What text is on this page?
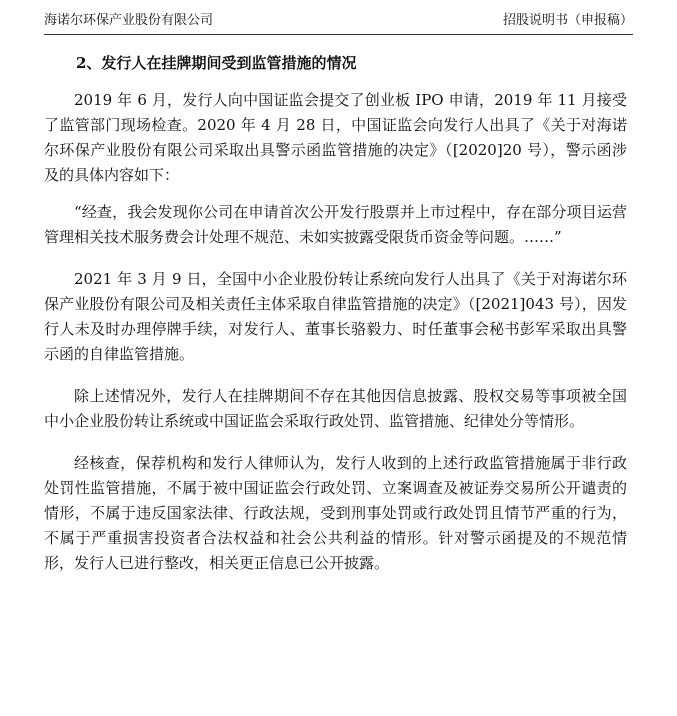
海诺尔环保产业股份有限公司	招股说明书（申报稿）
2、发行人在挂牌期间受到监管措施的情况

2019 年 6 月，发行人向中国证监会提交了创业板 IPO 申请，2019 年 11 月接受了监管部门现场检查。2020 年 4 月 28 日，中国证监会向发行人出具了《关于对海诺尔环保产业股份有限公司采取出具警示函监管措施的决定》（[2020]20 号），警示函涉及的具体内容如下：

“经查，我会发现你公司在申请首次公开发行股票并上市过程中，存在部分项目运营管理相关技术服务费会计处理不规范、未如实披露受限货币资金等问题。……”

2021 年 3 月 9 日，全国中小企业股份转让系统向发行人出具了《关于对海诺尔环保产业股份有限公司及相关责任主体采取自律监管措施的决定》（[2021]043 号），因发行人未及时办理停牌手续，对发行人、董事长骆毅力、时任董事会秘书彭军采取出具警示函的自律监管措施。

除上述情况外，发行人在挂牌期间不存在其他因信息披露、股权交易等事项被全国中小企业股份转让系统或中国证监会采取行政处罚、监管措施、纪律处分等情形。

经核查，保荐机构和发行人律师认为，发行人收到的上述行政监管措施属于非行政处罚性监管措施，不属于被中国证监会行政处罚、立案调查及被证券交易所公开谴责的情形，不属于违反国家法律、行政法规，受到刑事处罚或行政处罚且情节严重的行为，不属于严重损害投资者合法权益和社会公共利益的情形。针对警示函提及的不规范情形，发行人已进行整改，相关更正信息已公开披露。
